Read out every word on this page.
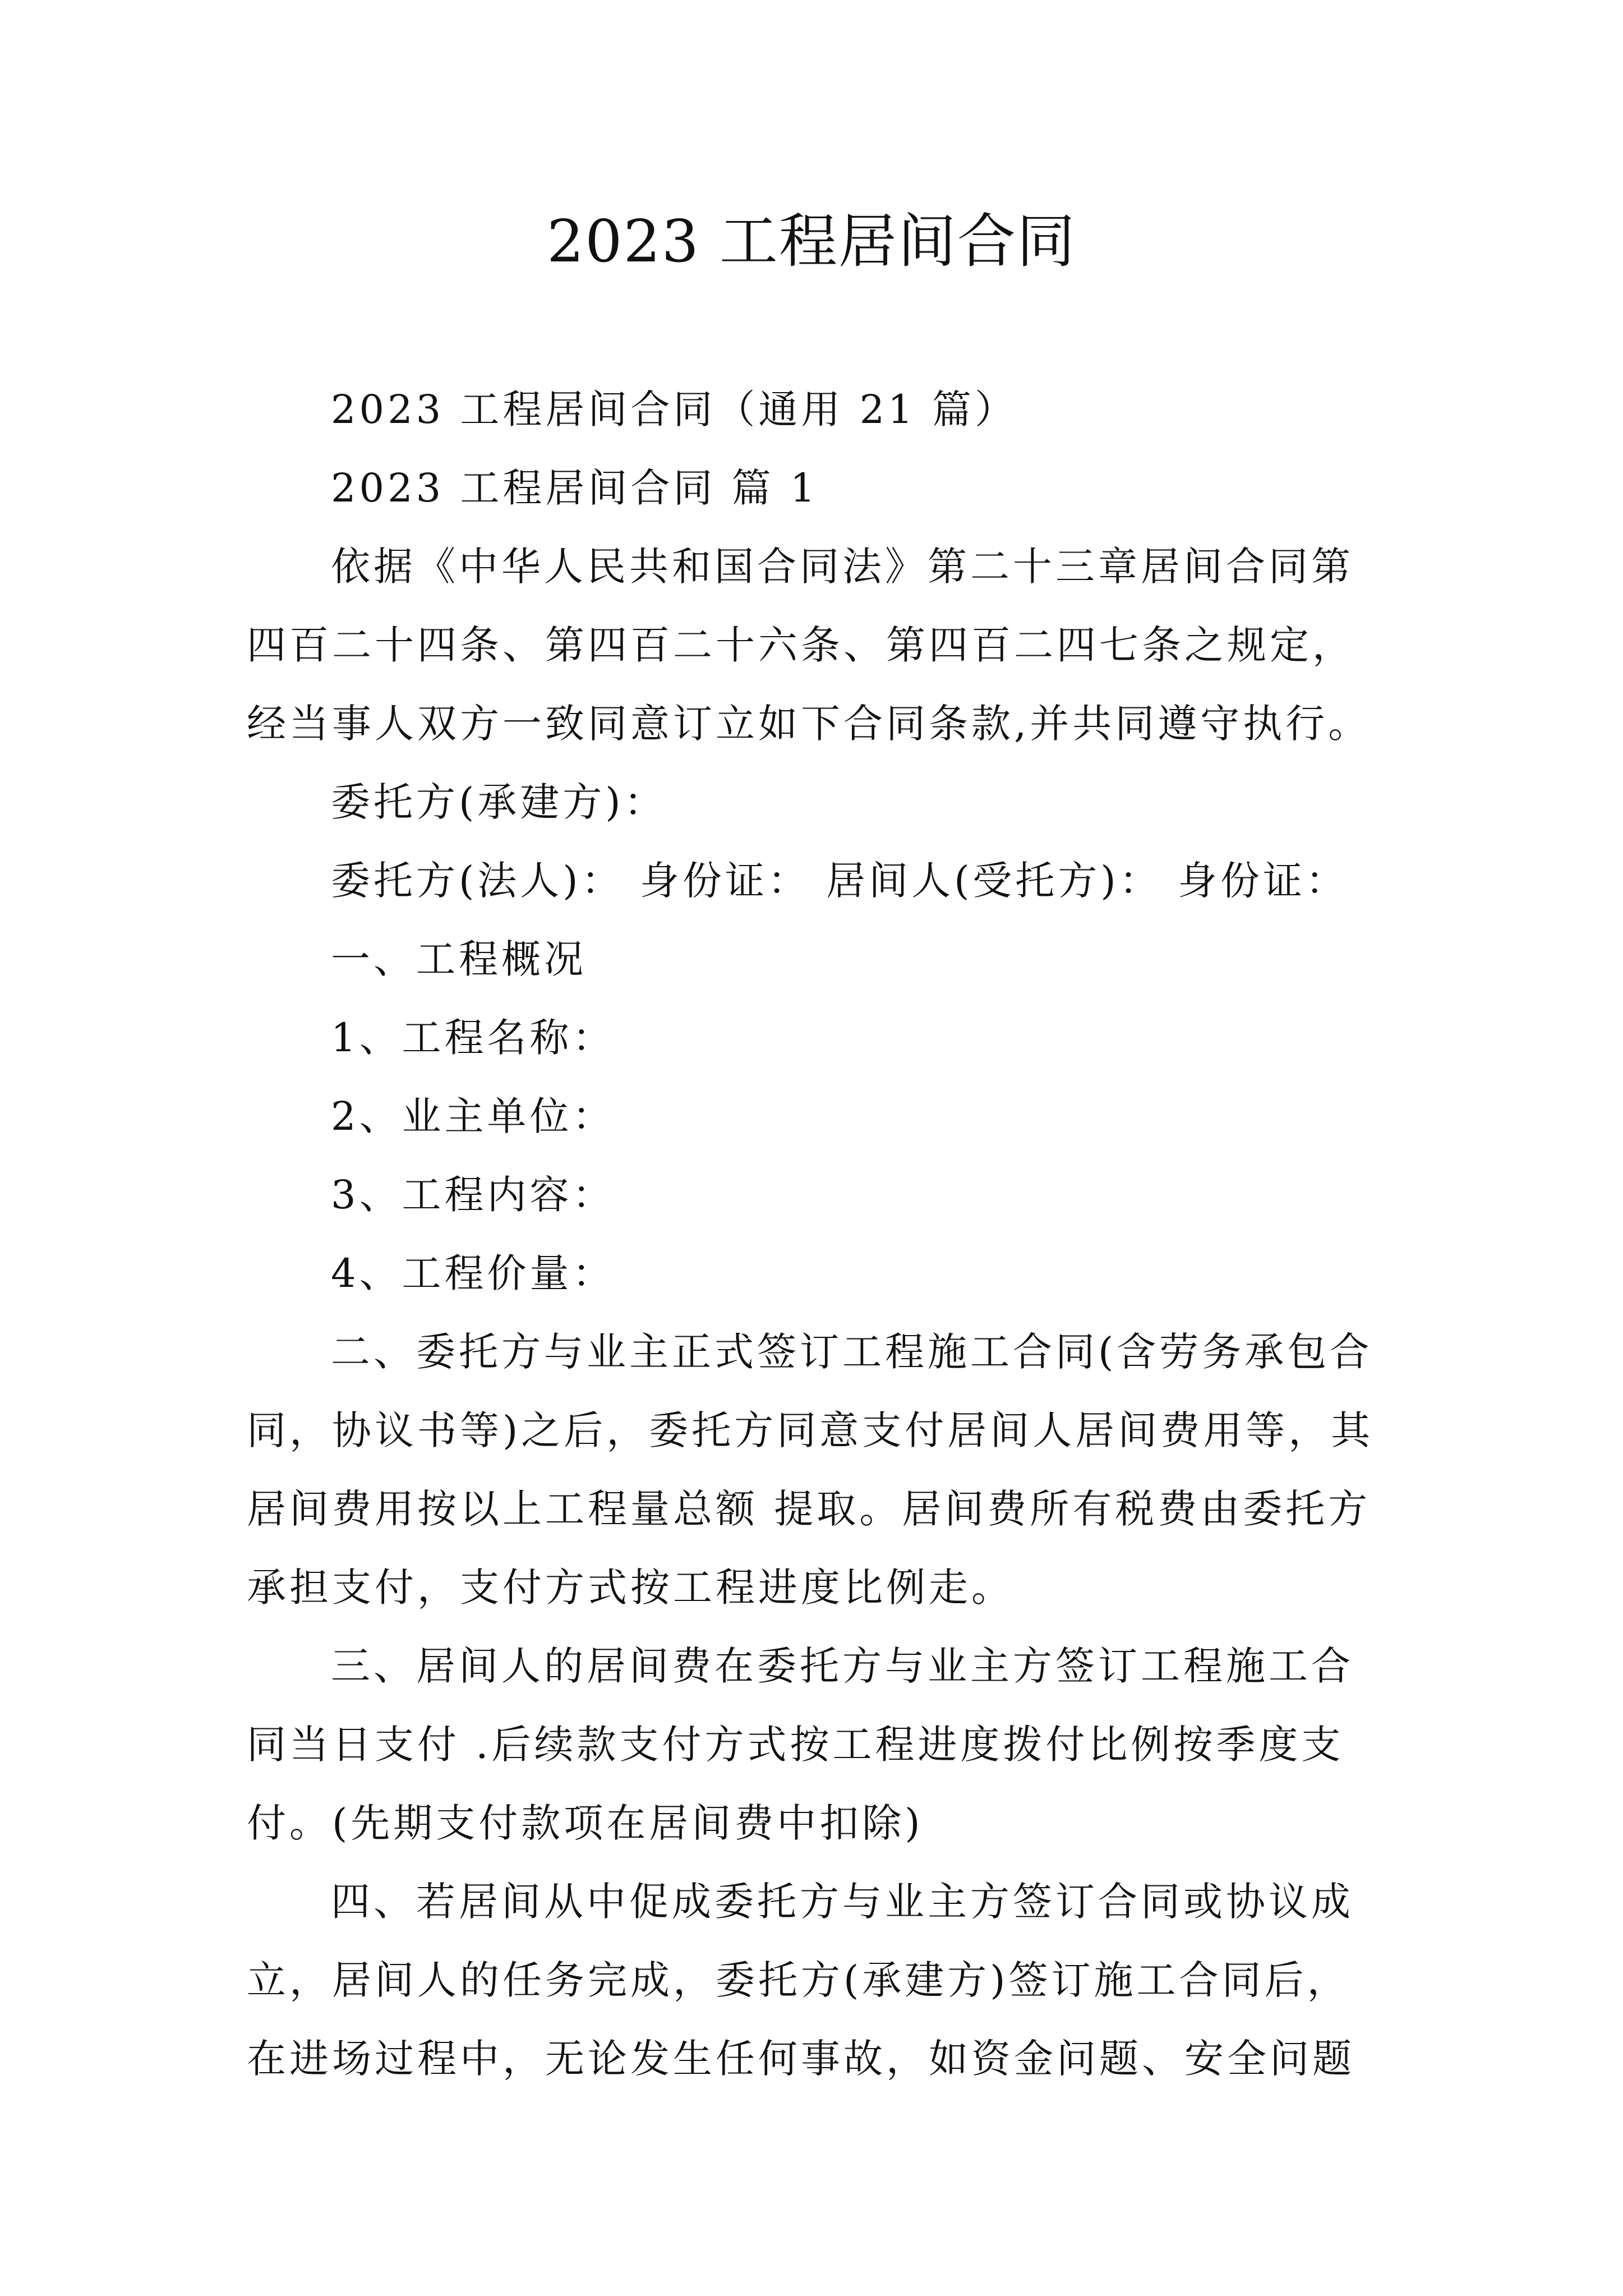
2023 工程居间合同

2023 工程居间合同（通用 21 篇）

2023 工程居间合同 篇 1

依据《中华人民共和国合同法》第二十三章居间合同第四百二十四条、第四百二十六条、第四百二四七条之规定，经当事人双方一致同意订立如下合同条款,并共同遵守执行。

委托方(承建方)：

委托方(法人)： 身份证： 居间人(受托方)： 身份证：

一、工程概况

1、工程名称：

2、业主单位：

3、工程内容：

4、工程价量：

二、委托方与业主正式签订工程施工合同(含劳务承包合同，协议书等)之后，委托方同意支付居间人居间费用等，其居间费用按以上工程量总额 提取。居间费所有税费由委托方承担支付，支付方式按工程进度比例走。

三、居间人的居间费在委托方与业主方签订工程施工合同当日支付 .后续款支付方式按工程进度拨付比例按季度支付。(先期支付款项在居间费中扣除)

四、若居间从中促成委托方与业主方签订合同或协议成立，居间人的任务完成，委托方(承建方)签订施工合同后，在进场过程中，无论发生任何事故，如资金问题、安全问题
